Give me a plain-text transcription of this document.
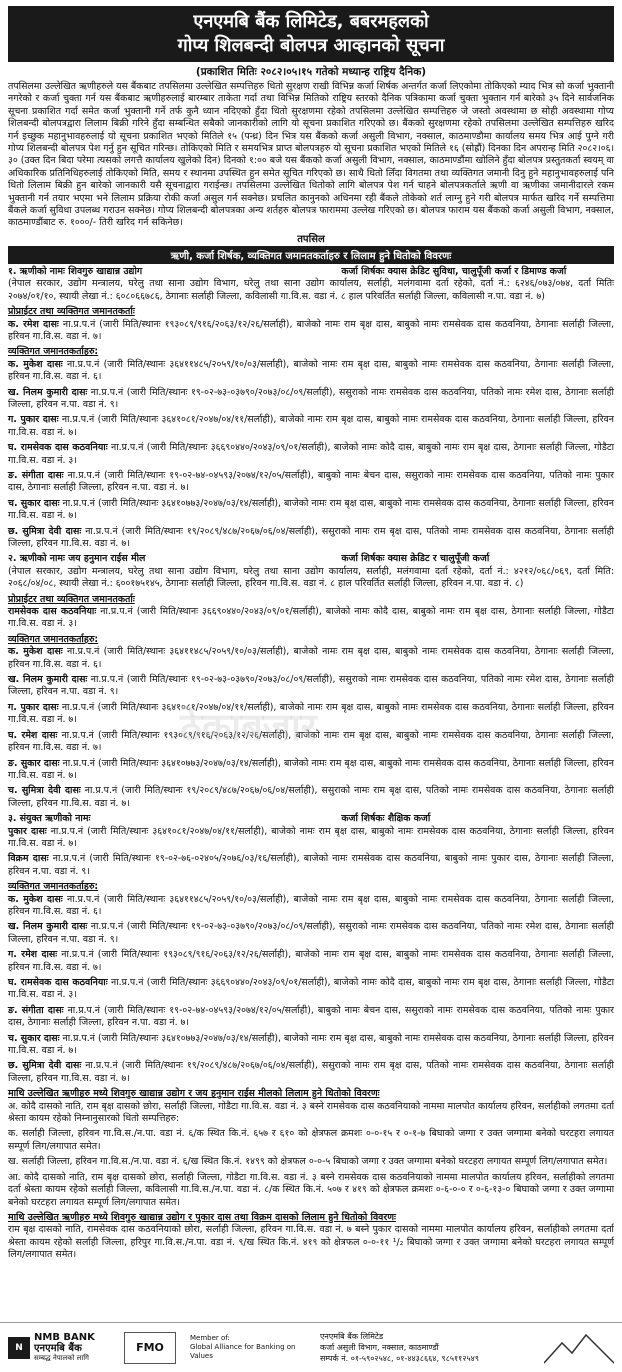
एनएमबि बैंक लिमिटेड, बबरमहलको
गोप्य शिलबन्दी बोलपत्र आव्हानको सूचना
(प्रकाशित मितिः २०८२।०५।१५ गतेको मध्यान्ह राष्ट्रिय दैनिक)
तपसिलमा उल्लेखित ऋणीहरुले यस बैंकबाट तपसिलमा उल्लेखित सम्पत्तिहरु धितो सुरक्षण राखी विभिन्न कर्जा शिर्षक अन्तर्गत कर्जा लिएकोमा तोकिएको म्याद भित्र सो कर्जा भुक्तानी नगरेको र कर्जा चुक्ता गर्न यस बैंकबाट ऋणीहरुलाई बारम्बार ताकेता गर्दा तथा विभिन्न मितिको राष्ट्रिय स्तरको दैनिक पत्रिकामा कर्जा चुक्ता भुक्तान गर्न बारेको ३५ दिने सार्वजनिक सूचना प्रकाशित गर्दा समेत कर्जा भुक्तानी गर्ने तर्फ कुनै ध्यान नदिएको हुँदा धितो सुरक्षणमा रहेको तपसिलमा उल्लेखित सम्पत्तिहरु जे जस्तो अवस्थामा छ सोही अवस्थामा गोप्य शिलबन्दी बोलपत्रद्वारा लिलाम बिक्री गरिने हुँदा सम्बन्धित सबैको जानकारीको लागि यो सूचना प्रकाशित गरिएको छ। बैंकको सुरक्षणमा रहेको तपसिलमा उल्लेखित सम्पत्तिहरु खरिद गर्न इच्छुक महानुभावहरुलाई यो सूचना प्रकाशित भएको मितिले १५ (पन्ध्र) दिन भित्र यस बैंकको कर्जा असुली विभाग, नक्साल, काठमाण्डौमा कार्यालय समय भित्र आई पुग्ने गरी गोप्य शिलबन्दी बोलपत्र पेश गर्नु हुन सूचित गरिन्छ। तोकिएको मिति र समयभित्र प्राप्त बोलपत्रहरु यो सूचना प्रकाशित भएको मितिले १६ (सोह्रौं) दिनका दिन अपरान्ह मिति २०८२।०६।३० (उक्त दिन बिदा परेमा त्यसको लगत्तै कार्यालय खुलेको दिन) दिनको १:०० बजे यस बैंकको कर्जा असुली विभाग, नक्साल, काठमाण्डौंमा खोलिने हुँदा बोलपत्र प्रस्तुतकर्ता स्वयम् वा अधिकारिक प्रतिनिधिहरुलाई तोकिएको मिति, समय र स्थानमा उपस्थित हुन समेत सूचित गरिएको छ। साथै धितो लिँदा विगतमा तथा व्यक्तिगत जमानी दिनु हुने महानुभावहरुलाई पनि धितो लिलाम बिक्री हुन बारेको जानकारी यसै सूचनाद्वारा गराईन्छ। तपसिलमा उल्लेखित धितोको लागि बोलपत्र पेश गर्न चाहने बोलपत्रकर्ताले ऋणी वा ऋणीका जमानीदारले रकम भुक्तानी गर्न तयार भएमा भने लिलाम प्रक्रिया रोकी कर्जा असुल गर्न सक्नेछ। प्रचलित कानुनको अधिनमा रही बैंकले तोकेको शर्त लाग्नु हुने गरी बोलपत्र मार्फत खरिद गर्ने सम्पत्तिमा बैंकले कर्जा सुविधा उपलब्ध गराउन सक्नेछ। गोप्य शिलबन्दी बोलपत्रका अन्य शर्तहरु बोलपत्र फाराममा उल्लेख गरिएको छ। बोलपत्र फाराम यस बैंकको कर्जा असुली विभाग, नक्साल, काठमाण्डौंबाट रु. १०००/- तिरी खरिद गर्न सकिनेछ।
तपसिल
ऋणी, कर्जा शिर्षक, व्यक्तिगत जमानतकर्ताहरु र लिलाम हुने धितोको विवरणः
१. ऋणीको नामः शिवगुरु खाद्यान्न उद्योग	कर्जा शिर्षकः क्यास क्रेडिट सुविधा, चालुपूँजी कर्जा र डिमाण्ड कर्जा

(नेपाल सरकार, उद्योग मन्त्रालय, घरेलु तथा साना उद्योग विभाग, घरेलु तथा साना उद्योग कार्यालय, सर्लाही, मलंगवामा दर्ता रहेको, दर्ता नं.: ६२४६/०७३/०७४, दर्ता मितिः २०७४/०१/१०, स्थायी लेखा नं.: ६०८०६६७८६, ठेगानाः सर्लाही जिल्ला, कविलासी गा.वि.स. वडा नं. ८ हाल परिवर्तित सर्लाही जिल्ला, कविलासी न.पा. वडा नं. ७)

प्रोप्राईटर तथा व्यक्तिगत जमानतकर्ताः

क. रमेश दासः ना.प्र.प.नं (जारी मिति/स्थानः १९३०८९/९१६/२०६३/१२/२६/सर्लाही), बाजेको नामः राम बृक्ष दास, बाबुको नामः रामसेवक दास कठवनिया, ठेगानाः सर्लाही जिल्ला, हरिवन गा.वि.स. वडा नं. ७।

व्यक्तिगत जमानतकर्ताहरु:

क. मुकेश दासः ना.प्र.प.नं (जारी मिति/स्थानः ३६४११४८५/२०५९/१०/०३/सर्लाही), बाजेको नामः राम बृक्ष दास, बाबुको नामः रामसेवक दास कठवनिया, ठेगानाः सर्लाही जिल्ला, हरिवन गा.वि.स. वडा नं. ६।

ख. निलम कुमारी दासः ना.प्र.प.नं (जारी मिति/स्थानः १९-०२-७३-०३७९०/२०७३/०८/०९/सर्लाही), ससुराको नामः रामसेवक दास कठवनिया, पतिको नामः रमेश दास, ठेगानाः सर्लाही जिल्ला, हरिवन न.पा. वडा नं. ९।

ग. पुकार दासः ना.प्र.प.नं (जारी मिति/स्थानः ३६४१०८१/२०४७/०४/११/सर्लाही), बाजेको नामः राम बृक्ष दास, बाबुको नामः रामसेवक दास कठवनिया, ठेगानाः सर्लाही जिल्ला, हरिवन गा.वि.स. वडा नं. ७।

घ. रामसेवक दास कठवनियाः ना.प्र.प.नं (जारी मिति/स्थानः ३६६९०४४०/२०४३/०९/०१/सर्लाही), बाजेको नामः कोदै दास, बाबुको नामः राम बृक्ष दास, ठेगानाः सर्लाही जिल्ला, गोडैटा गा.वि.स. वडा नं. ३।

ङ. संगीता दासः ना.प्र.प.नं (जारी मिति/स्थानः १९-०२-७४-०४५९३/२०७४/१२/०५/सर्लाही), बाबुको नामः बेचन दास, ससुराको नामः रामसेवक दास कठवनिया, पतिको नामः पुकार दास, ठेगानाः सर्लाही जिल्ला, हरिवन न.पा. वडा नं. ७।

च. सुकार दासः ना.प्र.प.नं (जारी मिति/स्थानः ३६४१०७७३/२०४७/०३/१४/सर्लाही), बाजेको नामः राम बृक्ष दास, बाबुको नामः रामसेवक दास कठवनिया, ठेगानाः सर्लाही जिल्ला, हरिवन गा.वि.स. वडा नं. ७।

छ. सुमित्रा देवी दासः ना.प्र.प.नं (जारी मिति/स्थानः १९/२०८९/४८७/२०६७/०६/०४/सर्लाही), ससुराको नामः राम बृक्ष दास, पतिको नामः रामसेवक दास कठवनिया, ठेगानाः सर्लाही जिल्ला, हरिवन गा.वि.स. वडा नं. ७।

२. ऋणीको नामः जय हनुमान राईस मील	कर्जा शिर्षकः क्यास क्रेडिट र चालुपूँजी कर्जा

(नेपाल सरकार, उद्योग मन्त्रालय, घरेलु तथा साना उद्योग विभाग, घरेलु तथा साना उद्योग कार्यालय, सर्लाही, मलंगवामा दर्ता रहेको, दर्ता नं.: ४२१२/०६८/०६९, दर्ता मिति: २०६८/०४/०८, स्थायी लेखा नं.: ६००१७५१४५, ठेगानाः सर्लाही जिल्ला, हरिवन गा.वि.स. वडा नं. ८ हाल परिवर्तित सर्लाही जिल्ला, हरिवन न.पा. वडा नं. ८)

प्रोप्राईटर तथा व्यक्तिगत जमानतकर्ताः

रामसेवक दास कठवनियाः ना.प्र.प.नं (जारी मिति/स्थानः ३६६९०४४०/२०४३/०९/०१/सर्लाही), बाजेको नामः कोदै दास, बाबुको नामः राम बृक्ष दास, ठेगानाः सर्लाही जिल्ला, गोडैटा गा.वि.स. वडा नं. ३।

व्यक्तिगत जमानतकर्ताहरु:

क. मुकेश दासः ना.प्र.प.नं (जारी मिति/स्थानः ३६४११४८५/२०५९/१०/०३/सर्लाही), बाजेको नामः राम बृक्ष दास, बाबुको नामः रामसेवक दास कठवनिया, ठेगानाः सर्लाही जिल्ला, हरिवन गा.वि.स. वडा नं. ६।

ख. निलम कुमारी दासः ना.प्र.प.नं (जारी मिति/स्थानः १९-०२-७३-०३७९०/२०७३/०८/०९/सर्लाही), ससुराको नामः रामसेवक दास कठवनिया, पतिको नामः रमेश दास, ठेगानाः सर्लाही जिल्ला, हरिवन न.पा. वडा नं. ९।

ग. पुकार दासः ना.प्र.प.नं (जारी मिति/स्थानः ३६४१०८१/२०४७/०४/११/सर्लाही), बाजेको नामः राम बृक्ष दास, बाबुको नामः रामसेवक दास कठवनिया, ठेगानाः सर्लाही जिल्ला, हरिवन गा.वि.स. वडा नं. ७।

घ. रमेश दासः ना.प्र.प.नं (जारी मिति/स्थानः १९३०८९/९१६/२०६३/१२/२६/सर्लाही), बाजेको नामः राम बृक्ष दास, बाबुको नामः रामसेवक दास कठवनिया, ठेगानाः सर्लाही जिल्ला, हरिवन गा.वि.स. वडा नं. ७।

ङ. सुकार दासः ना.प्र.प.नं (जारी मिति/स्थानः ३६४१०७७३/२०४७/०३/१४/सर्लाही), बाजेको नामः राम बृक्ष दास, बाबुको नामः रामसेवक दास कठवनिया, ठेगानाः सर्लाही जिल्ला, हरिवन गा.वि.स. वडा नं. ७।

च. सुमित्रा देवी दासः ना.प्र.प.नं (जारी मिति/स्थानः १९/२०८९/४८७/२०६७/०६/०४/सर्लाही), ससुराको नामः राम बृक्ष दास, पतिको नामः रामसेवक दास कठवनिया, ठेगानाः सर्लाही जिल्ला, हरिवन गा.वि.स. वडा नं. ७।

३. संयुक्त ऋणीको नामः	कर्जा शिर्षकः शैक्षिक कर्जा

पुकार दासः ना.प्र.प.नं (जारी मिति/स्थानः ३६४१०८१/२०४७/०४/११/सर्लाही), बाजेको नामः राम बृक्ष दास, बाबुको नामः रामसेवक दास कठवनिया, ठेगानाः सर्लाही जिल्ला, हरिवन गा.वि.स. वडा नं. ७।

विक्रम दासः ना.प्र.प.नं (जारी मिति/स्थानः १९-०२-७६-०२४०५/२०७६/०३/१६/सर्लाही), बाजेको नामः रामसेवक दास कठवनिया, बाबुको नामः पुकार दास, ठेगानाः सर्लाही जिल्ला, हरिवन न.पा. वडा नं. ९।

व्यक्तिगत जमानतकर्ताहरु:

क. मुकेश दासः ना.प्र.प.नं (जारी मिति/स्थानः ३६४११४८५/२०५९/१०/०३/सर्लाही), बाजेको नामः राम बृक्ष दास, बाबुको नामः रामसेवक दास कठवनिया, ठेगानाः सर्लाही जिल्ला, हरिवन गा.वि.स. वडा नं. ६।

ख. निलम कुमारी दासः ना.प्र.प.नं (जारी मिति/स्थानः १९-०२-७३-०३७९०/२०७३/०८/०९/सर्लाही), ससुराको नामः रामसेवक दास कठवनिया, पतिको नामः रमेश दास, ठेगानाः सर्लाही जिल्ला, हरिवन न.पा. वडा नं. ९।

ग. रमेश दासः ना.प्र.प.नं (जारी मिति/स्थानः १९३०८९/९१६/२०६३/१२/२६/सर्लाही), बाजेको नामः राम बृक्ष दास, बाबुको नामः रामसेवक दास कठवनिया, ठेगानाः सर्लाही जिल्ला, हरिवन गा.वि.स. वडा नं. ७।

घ. रामसेवक दास कठवनियाः ना.प्र.प.नं (जारी मिति/स्थानः ३६६९०४४०/२०४३/०९/०१/सर्लाही), बाजेको नामः कोदै दास, बाबुको नामः राम बृक्ष दास, ठेगानाः सर्लाही जिल्ला, गोडैटा गा.वि.स. वडा नं. ३।

ङ. संगीता दासः ना.प्र.प.नं (जारी मिति/स्थानः १९-०२-७४-०४५९३/२०७४/१२/०५/सर्लाही), बाबुको नामः बेचन दास, ससुराको नामः रामसेवक दास कठवनिया, पतिको नामः पुकार दास, ठेगानाः सर्लाही जिल्ला, हरिवन न.पा. वडा नं. ७।

च. सुकार दासः ना.प्र.प.नं (जारी मिति/स्थानः ३६४१०७७३/२०४७/०३/१४/सर्लाही), बाजेको नामः राम बृक्ष दास, बाबुको नामः रामसेवक दास कठवनिया, ठेगानाः सर्लाही जिल्ला, हरिवन गा.वि.स. वडा नं. ७।

छ. सुमित्रा देवी दासः ना.प्र.प.नं (जारी मिति/स्थानः १९/२०८९/४८७/२०६७/०६/०४/सर्लाही), ससुराको नामः राम बृक्ष दास, पतिको नामः रामसेवक दास कठवनिया, ठेगानाः सर्लाही जिल्ला, हरिवन गा.वि.स. वडा नं. ७।

माथि उल्लेखित ऋणीहरु मध्ये शिवगुरु खाद्यान्न उद्योग र जय हनुमान राईस मीलको लिलाम हुने धितोको विवरणः

अ. कोदै दासको नाति, राम बृक्ष दासको छोरा, सर्लाही जिल्ला, गोडैटा गा.वि.स. वडा नं. ३ बस्ने रामसेवक दास कठवनियाको नाममा मालपोत कार्यालय हरिवन, सर्लाहीको लगतमा दर्ता श्रेस्ता कायम रहेको निम्नानुसारको धितो सम्पत्तिहरु:

क. सर्लाही जिल्ला, हरिवन गा.वि.स./न.पा. वडा नं. ६/क स्थित कि.नं. ६५७ र ६१० को क्षेत्रफल क्रमशः ०-०-१५ र ०-१-७ बिघाको जग्गा र उक्त जग्गामा बनेको घरटहरा लगायत सम्पूर्ण लिग/लगापात समेत।

ख. सर्लाही जिल्ला, हरिवन गा.वि.स./न.पा. वडा नं. ६/ख स्थित कि.नं. १४९९ को क्षेत्रफल ०-०-५ बिघाको जग्गा र उक्त जग्गामा बनेको घरटहरा लगायत सम्पूर्ण लिग/लगापात समेत।

आ. कोदै दासको नाति, राम बृक्ष दासको छोरा, सर्लाही जिल्ला, गोडैटा गा.वि.स. वडा नं. ३ बस्ने रामसेवक दास कठवनियाको नाममा मालपोत कार्यालय हरिवन, सर्लाहीको लगतमा दर्ता श्रेस्ता कायम रहेको सर्लाही जिल्ला, कविलासी गा.वि.स./न.पा. वडा नं. ८/क स्थित कि.नं. ५०७ र ४१९ को क्षेत्रफल क्रमशः ०-६-०-० र ०-६-१३-० बिघाको जग्गा र उक्त जग्गामा बनेको घरटहरा लगायत सम्पूर्ण लिग/लगापात समेत।

माथि उल्लेखित ऋणीहरु मध्ये शिवगुरु खाद्यान्न उद्योग र पुकार दास तथा विक्रम दासको लिलाम हुने धितोको विवरणः

राम बृक्ष दासको नाति, रामसेवक दास कठवनियाको छोरा, सर्लाही जिल्ला, हरिवन गा.वि.स. वडा नं. ७ बस्ने पुकार दासको नाममा मालपोत कार्यालय हरिवन, सर्लाहीको लगतमा दर्ता श्रेस्ता कायम रहेको सर्लाही जिल्ला, हरिपुर गा.वि.स./न.पा. वडा नं. ९/ख स्थित कि.नं. ४१९ को क्षेत्रफल ०-०-११ ¹/₂ बिघाको जग्गा र उक्त जग्गामा बनेको घरटहरा लगायत सम्पूर्ण लिग/लगापात समेत।

ठेकाबजार
N
NMB BANK
एनएमबि बैंक
सम्बद्ध नेपालको लागि
FMO
Member of:
Global Alliance for Banking on Values
एनएमबि बैंक लिमिटेड
कर्जा असुली विभाग, नक्साल, काठमाण्डौं
सम्पर्क नं. ०१-५९०२५४८, ०१-४४३८६६४, ९८५११२५४९
